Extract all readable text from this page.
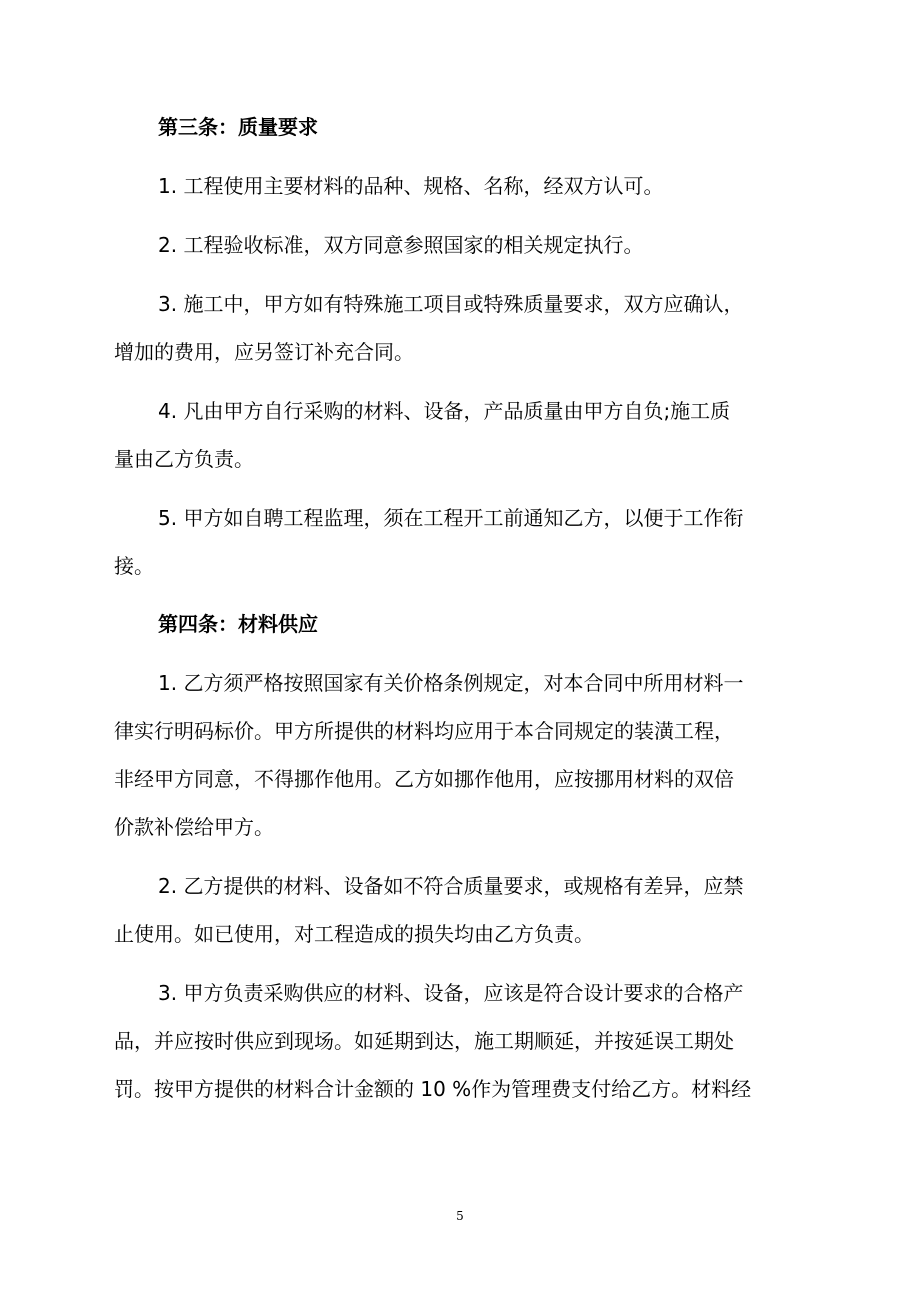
第三条：质量要求
1. 工程使用主要材料的品种、规格、名称，经双方认可。
2. 工程验收标准，双方同意参照国家的相关规定执行。
3. 施工中，甲方如有特殊施工项目或特殊质量要求，双方应确认，
增加的费用，应另签订补充合同。
4. 凡由甲方自行采购的材料、设备，产品质量由甲方自负;施工质
量由乙方负责。
5. 甲方如自聘工程监理，须在工程开工前通知乙方，以便于工作衔
接。
第四条：材料供应
1. 乙方须严格按照国家有关价格条例规定，对本合同中所用材料一
律实行明码标价。甲方所提供的材料均应用于本合同规定的装潢工程，
非经甲方同意，不得挪作他用。乙方如挪作他用，应按挪用材料的双倍
价款补偿给甲方。
2. 乙方提供的材料、设备如不符合质量要求，或规格有差异，应禁
止使用。如已使用，对工程造成的损失均由乙方负责。
3. 甲方负责采购供应的材料、设备，应该是符合设计要求的合格产
品，并应按时供应到现场。如延期到达，施工期顺延，并按延误工期处
罚。按甲方提供的材料合计金额的 10 %作为管理费支付给乙方。材料经
5
